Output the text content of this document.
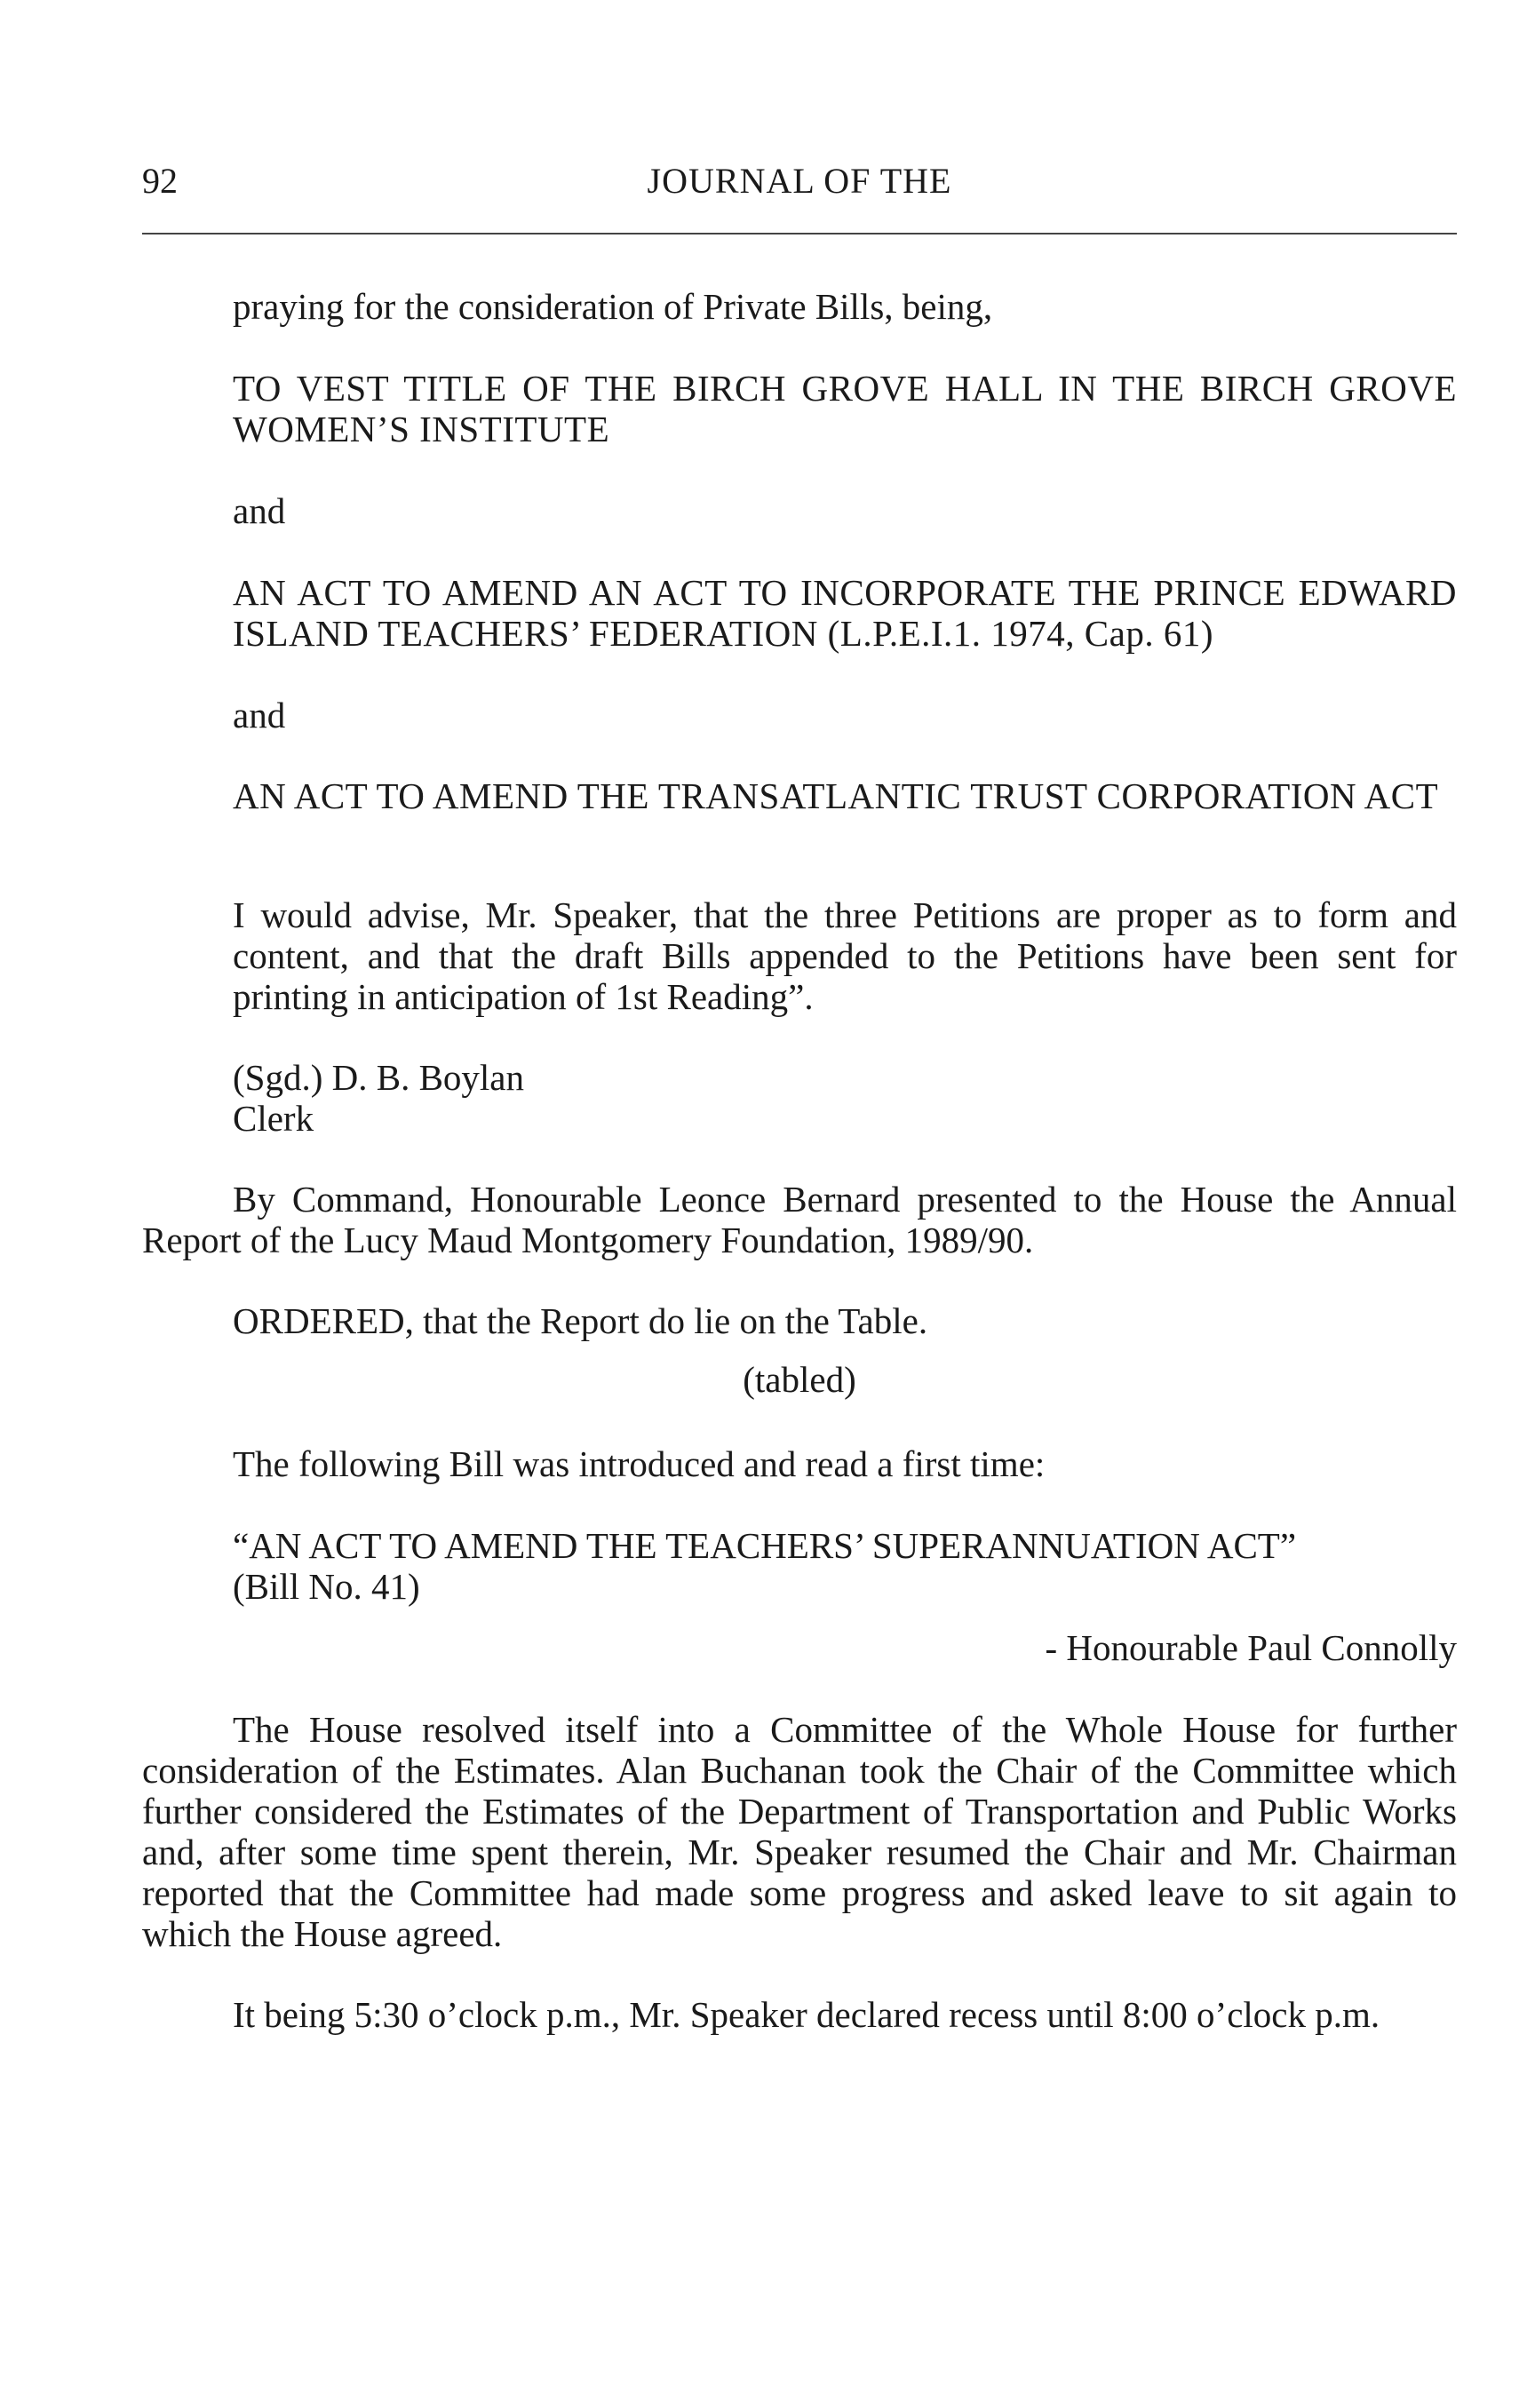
92	JOURNAL OF THE
praying for the consideration of Private Bills, being,
TO VEST TITLE OF THE BIRCH GROVE HALL IN THE BIRCH GROVE WOMEN’S INSTITUTE
and
AN ACT TO AMEND AN ACT TO INCORPORATE THE PRINCE EDWARD ISLAND TEACHERS’ FEDERATION (L.P.E.I.1. 1974, Cap. 61)
and
AN ACT TO AMEND THE TRANSATLANTIC TRUST CORPORATION ACT
I would advise, Mr. Speaker, that the three Petitions are proper as to form and content, and that the draft Bills appended to the Petitions have been sent for printing in anticipation of 1st Reading”.
(Sgd.) D. B. Boylan
Clerk
By Command, Honourable Leonce Bernard presented to the House the Annual Report of the Lucy Maud Montgomery Foundation, 1989/90.
ORDERED, that the Report do lie on the Table.
(tabled)
The following Bill was introduced and read a first time:
“AN ACT TO AMEND THE TEACHERS’ SUPERANNUATION ACT”
(Bill No. 41)
- Honourable Paul Connolly
The House resolved itself into a Committee of the Whole House for further consideration of the Estimates. Alan Buchanan took the Chair of the Committee which further considered the Estimates of the Department of Transportation and Public Works and, after some time spent therein, Mr. Speaker resumed the Chair and Mr. Chairman reported that the Committee had made some progress and asked leave to sit again to which the House agreed.
It being 5:30 o’clock p.m., Mr. Speaker declared recess until 8:00 o’clock p.m.
